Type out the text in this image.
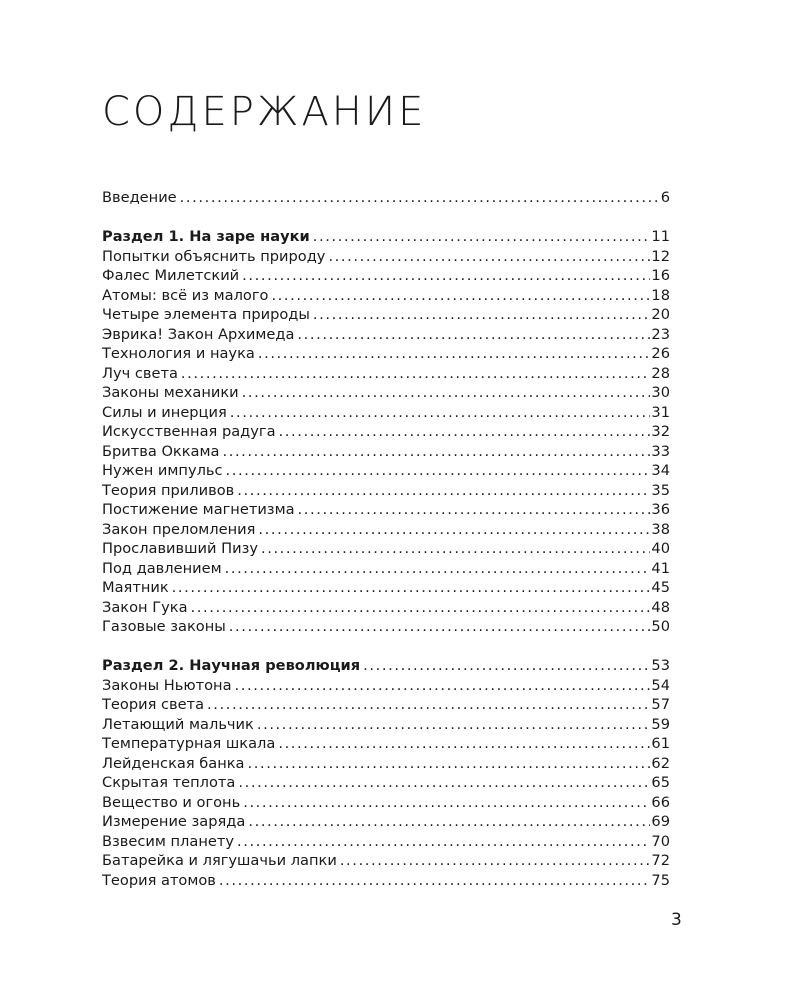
СОДЕРЖАНИЕ
Введение .....	6
Раздел 1. На заре науки .....	11
Попытки объяснить природу .....	12
Фалес Милетский .....	16
Атомы: всё из малого .....	18
Четыре элемента природы .....	20
Эврика! Закон Архимеда .....	23
Технология и наука .....	26
Луч света .....	28
Законы механики .....	30
Силы и инерция .....	31
Искусственная радуга .....	32
Бритва Оккама .....	33
Нужен импульс .....	34
Теория приливов .....	35
Постижение магнетизма .....	36
Закон преломления .....	38
Прославивший Пизу .....	40
Под давлением .....	41
Маятник .....	45
Закон Гука .....	48
Газовые законы .....	50
Раздел 2. Научная революция .....	53
Законы Ньютона .....	54
Теория света .....	57
Летающий мальчик .....	59
Температурная шкала .....	61
Лейденская банка .....	62
Скрытая теплота .....	65
Вещество и огонь .....	66
Измерение заряда .....	69
Взвесим планету .....	70
Батарейка и лягушачьи лапки .....	72
Теория атомов .....	75
3
